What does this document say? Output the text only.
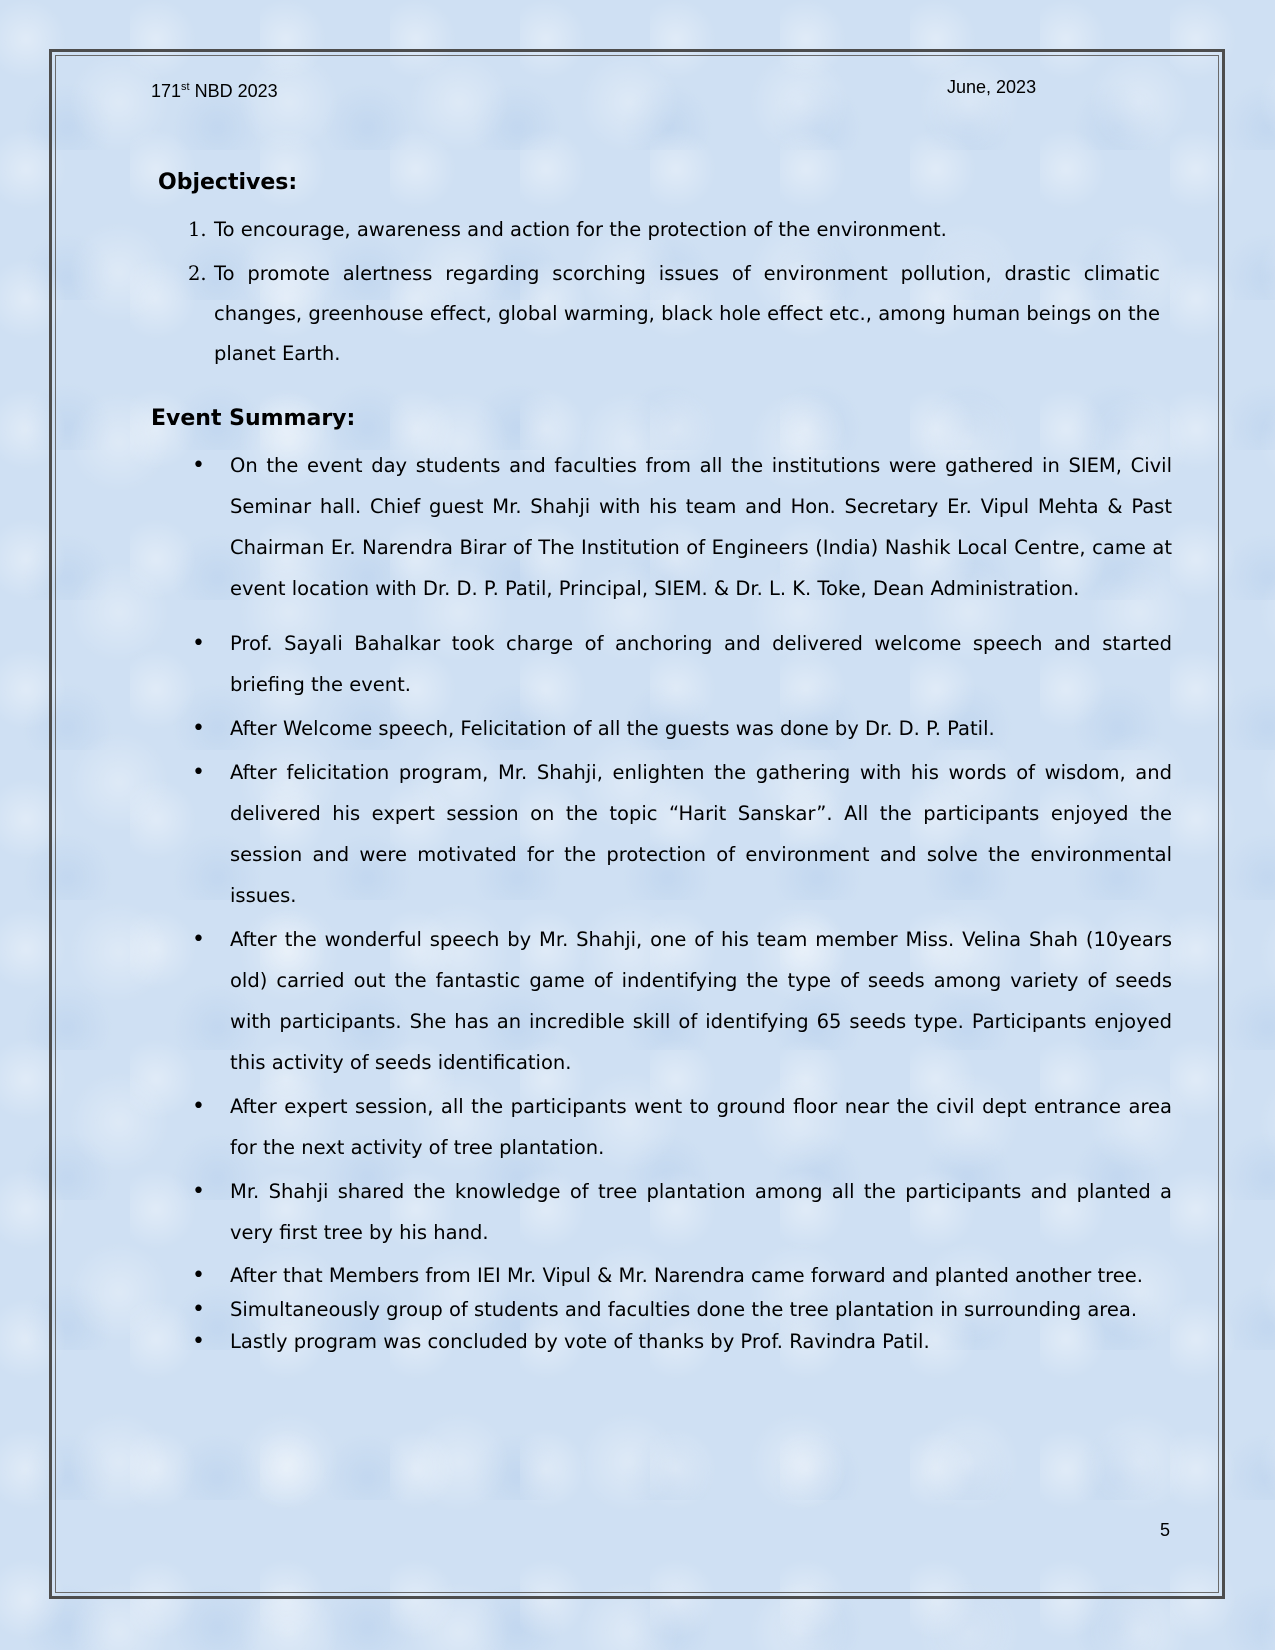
171st NBD 2023	June, 2023
Objectives:
1. To encourage, awareness and action for the protection of the environment.
2. To promote alertness regarding scorching issues of environment pollution, drastic climatic changes, greenhouse effect, global warming, black hole effect etc., among human beings on the planet Earth.
Event Summary:
• On the event day students and faculties from all the institutions were gathered in SIEM, Civil Seminar hall. Chief guest Mr. Shahji with his team and Hon. Secretary Er. Vipul Mehta & Past Chairman Er. Narendra Birar of The Institution of Engineers (India) Nashik Local Centre, came at event location with Dr. D. P. Patil, Principal, SIEM. & Dr. L. K. Toke, Dean Administration.
• Prof. Sayali Bahalkar took charge of anchoring and delivered welcome speech and started briefing the event.
• After Welcome speech, Felicitation of all the guests was done by Dr. D. P. Patil.
• After felicitation program, Mr. Shahji, enlighten the gathering with his words of wisdom, and delivered his expert session on the topic “Harit Sanskar”. All the participants enjoyed the session and were motivated for the protection of environment and solve the environmental issues.
• After the wonderful speech by Mr. Shahji, one of his team member Miss. Velina Shah (10years old) carried out the fantastic game of indentifying the type of seeds among variety of seeds with participants. She has an incredible skill of identifying 65 seeds type. Participants enjoyed this activity of seeds identification.
• After expert session, all the participants went to ground floor near the civil dept entrance area for the next activity of tree plantation.
• Mr. Shahji shared the knowledge of tree plantation among all the participants and planted a very first tree by his hand.
• After that Members from IEI Mr. Vipul & Mr. Narendra came forward and planted another tree.
• Simultaneously group of students and faculties done the tree plantation in surrounding area.
• Lastly program was concluded by vote of thanks by Prof. Ravindra Patil.
5
